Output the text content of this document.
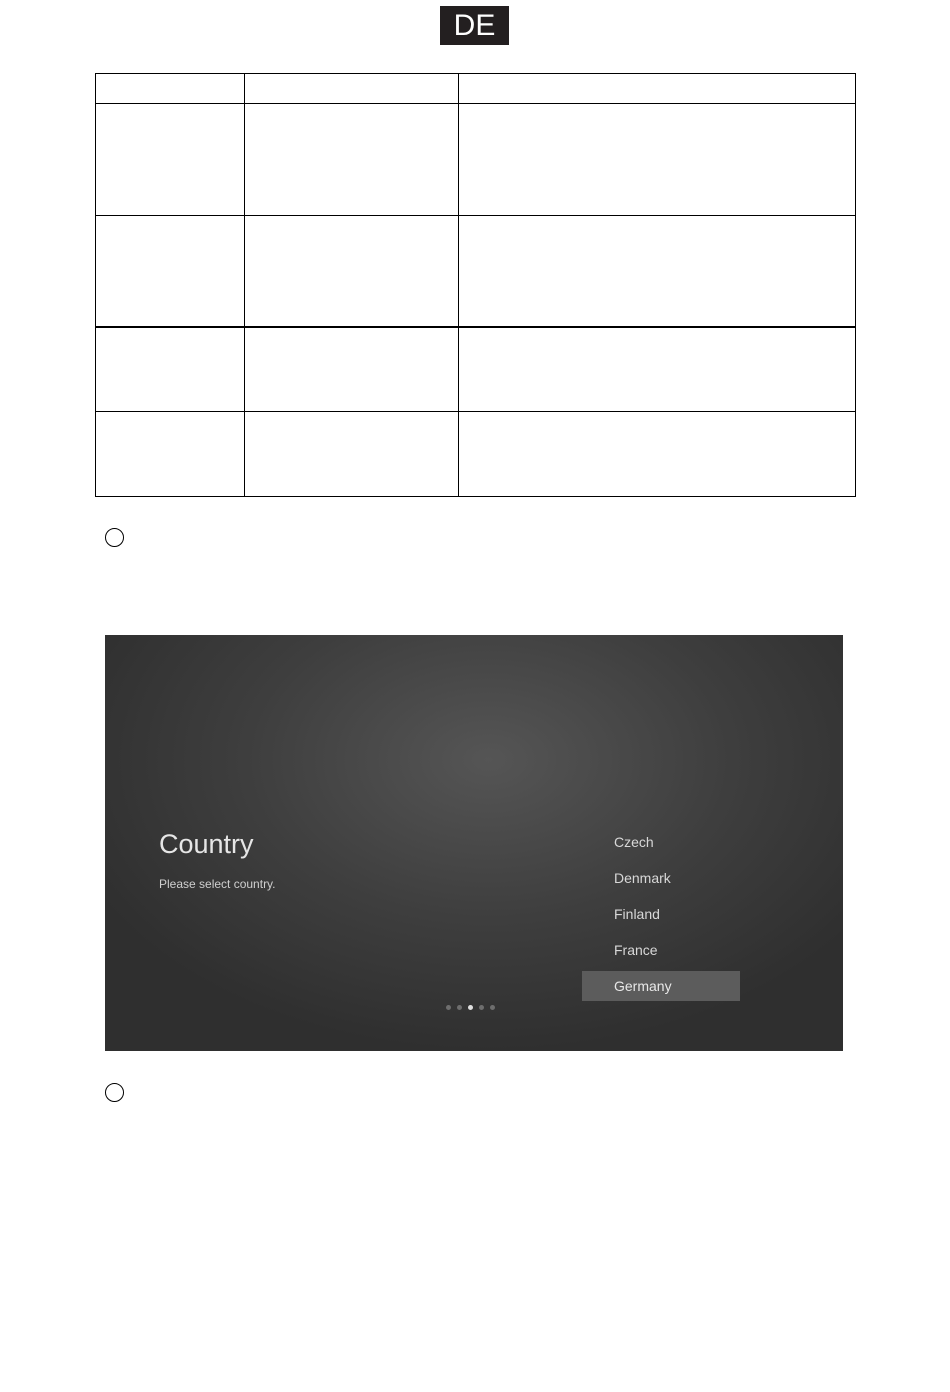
DE

Country
Please select country.
Czech
Denmark
Finland
France
Germany
